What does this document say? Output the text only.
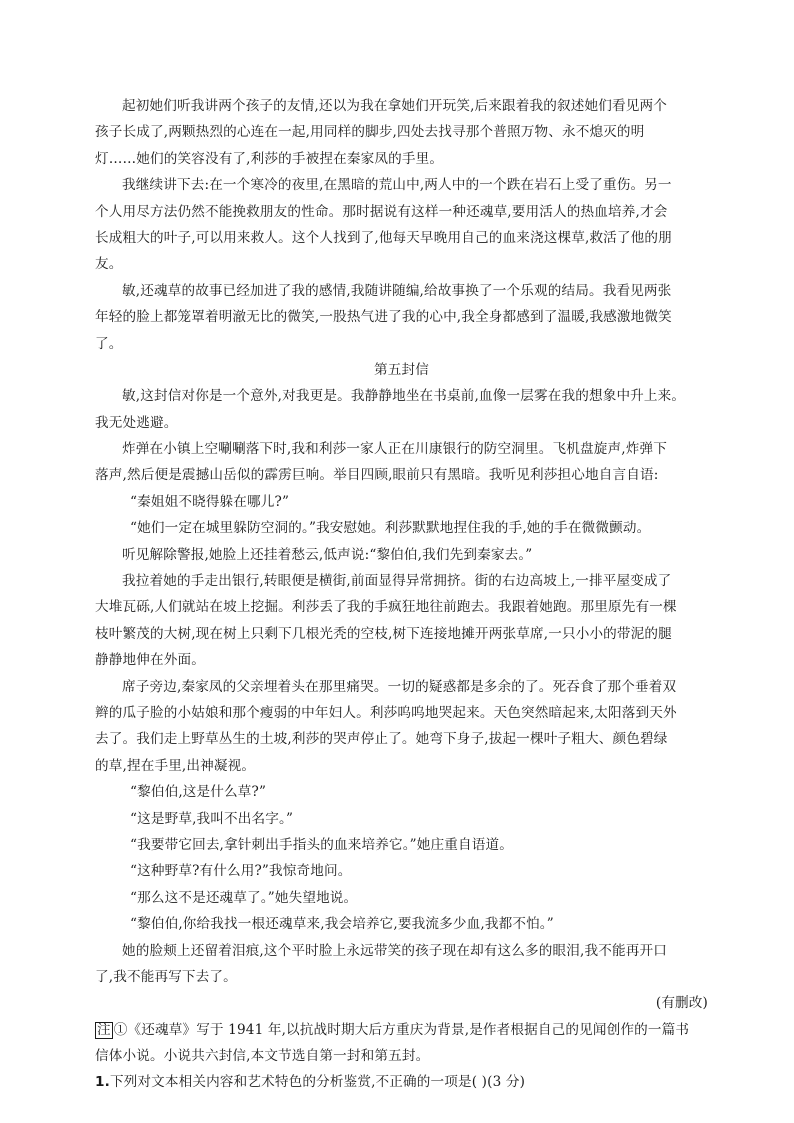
起初她们听我讲两个孩子的友情,还以为我在拿她们开玩笑,后来跟着我的叙述她们看见两个
孩子长成了,两颗热烈的心连在一起,用同样的脚步,四处去找寻那个普照万物、永不熄灭的明
灯……她们的笑容没有了,利莎的手被捏在秦家凤的手里。
我继续讲下去:在一个寒冷的夜里,在黑暗的荒山中,两人中的一个跌在岩石上受了重伤。另一
个人用尽方法仍然不能挽救朋友的性命。那时据说有这样一种还魂草,要用活人的热血培养,才会
长成粗大的叶子,可以用来救人。这个人找到了,他每天早晚用自己的血来浇这棵草,救活了他的朋
友。
敏,还魂草的故事已经加进了我的感情,我随讲随编,给故事换了一个乐观的结局。我看见两张
年轻的脸上都笼罩着明澈无比的微笑,一股热气进了我的心中,我全身都感到了温暖,我感激地微笑
了。
第五封信
敏,这封信对你是一个意外,对我更是。我静静地坐在书桌前,血像一层雾在我的想象中升上来。
我无处逃避。
炸弹在小镇上空唰唰落下时,我和利莎一家人正在川康银行的防空洞里。飞机盘旋声,炸弹下
落声,然后便是震撼山岳似的霹雳巨响。举目四顾,眼前只有黑暗。我听见利莎担心地自言自语:
“秦姐姐不晓得躲在哪儿?”
“她们一定在城里躲防空洞的。”我安慰她。利莎默默地捏住我的手,她的手在微微颤动。
听见解除警报,她脸上还挂着愁云,低声说:“黎伯伯,我们先到秦家去。”
我拉着她的手走出银行,转眼便是横街,前面显得异常拥挤。街的右边高坡上,一排平屋变成了
大堆瓦砾,人们就站在坡上挖掘。利莎丢了我的手疯狂地往前跑去。我跟着她跑。那里原先有一棵
枝叶繁茂的大树,现在树上只剩下几根光秃的空枝,树下连接地摊开两张草席,一只小小的带泥的腿
静静地伸在外面。
席子旁边,秦家凤的父亲埋着头在那里痛哭。一切的疑惑都是多余的了。死吞食了那个垂着双
辫的瓜子脸的小姑娘和那个瘦弱的中年妇人。利莎呜呜地哭起来。天色突然暗起来,太阳落到天外
去了。我们走上野草丛生的土坡,利莎的哭声停止了。她弯下身子,拔起一棵叶子粗大、颜色碧绿
的草,捏在手里,出神凝视。
“黎伯伯,这是什么草?”
“这是野草,我叫不出名字。”
“我要带它回去,拿针刺出手指头的血来培养它。”她庄重自语道。
“这种野草?有什么用?”我惊奇地问。
“那么这不是还魂草了。”她失望地说。
“黎伯伯,你给我找一根还魂草来,我会培养它,要我流多少血,我都不怕。”
她的脸颊上还留着泪痕,这个平时脸上永远带笑的孩子现在却有这么多的眼泪,我不能再开口
了,我不能再写下去了。
(有删改)
注 ①《还魂草》写于 1941 年,以抗战时期大后方重庆为背景,是作者根据自己的见闻创作的一篇书
信体小说。小说共六封信,本文节选自第一封和第五封。
1.下列对文本相关内容和艺术特色的分析鉴赏,不正确的一项是( )(3 分)
